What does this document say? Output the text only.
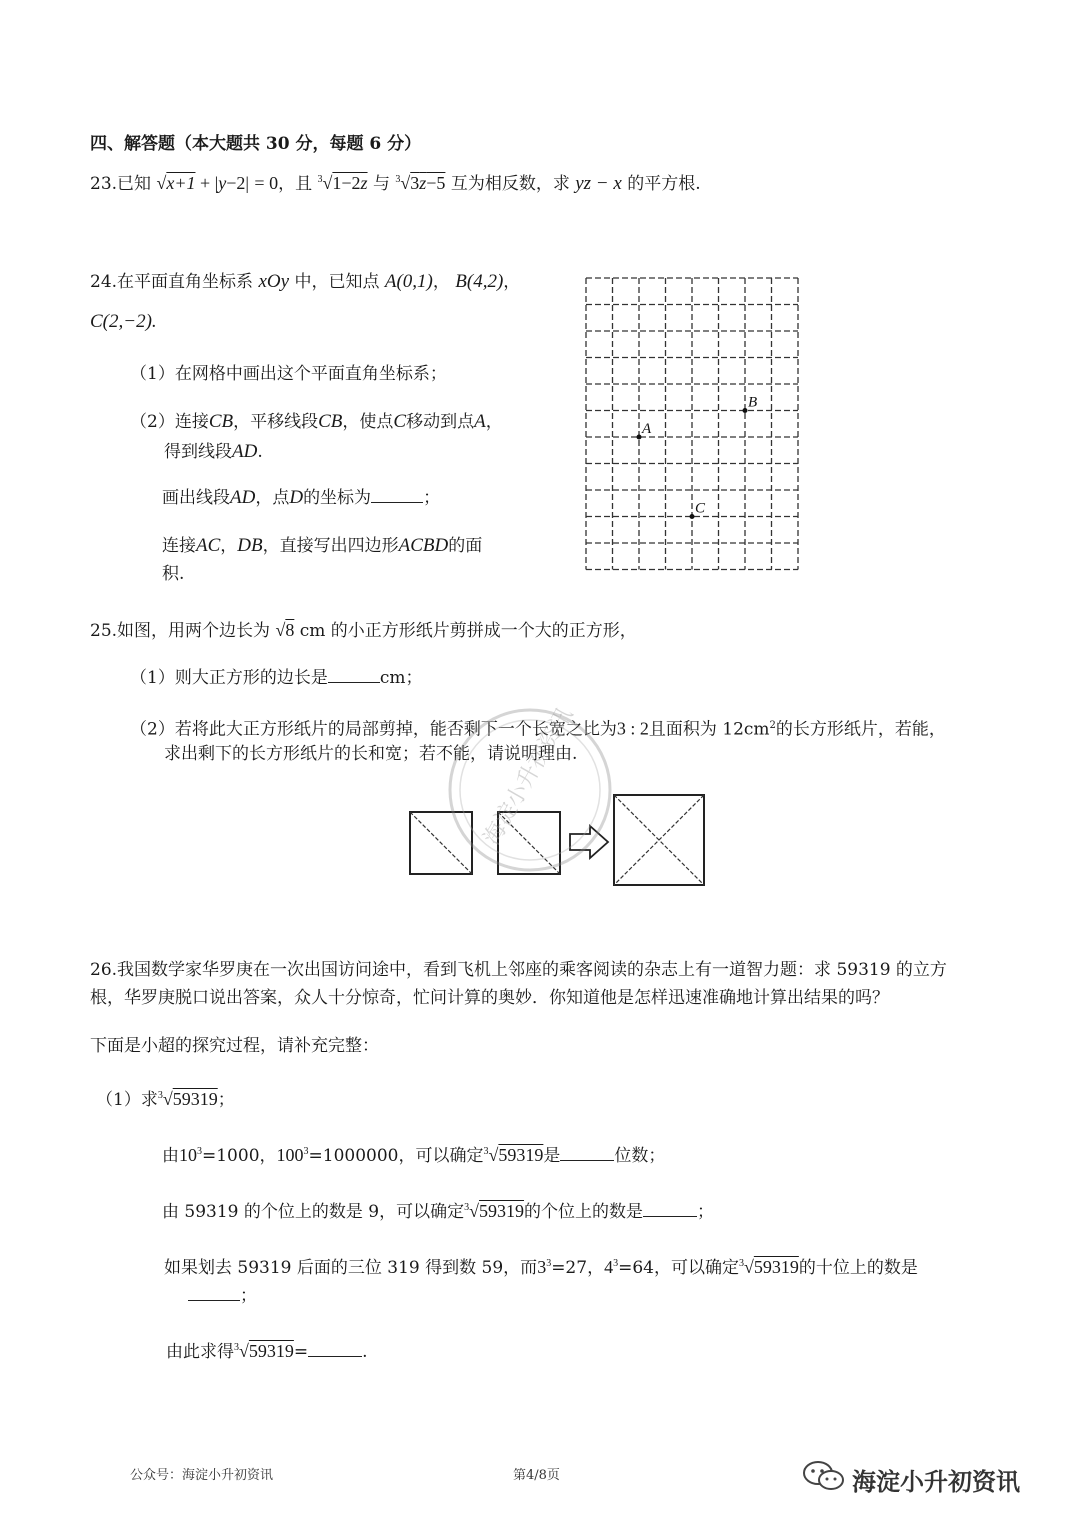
四、解答题（本大题共 30 分，每题 6 分）
23.已知 √x+1 + |y−2| = 0，且 $^3$√1−2z 与 $^3$√3z−5 互为相反数，求 yz − x 的平方根.
24.在平面直角坐标系 xOy 中，已知点 A(0,1)， B(4,2)，
C(2,−2).
（1）在网格中画出这个平面直角坐标系；
（2）连接CB，平移线段CB，使点C移动到点A，
得到线段AD.
画出线段AD，点D的坐标为	；
连接AC，DB，直接写出四边形ACBD的面
积.
A
B
C
25.如图，用两个边长为 √8 cm 的小正方形纸片剪拼成一个大的正方形，
（1）则大正方形的边长是	cm；
（2）若将此大正方形纸片的局部剪掉，能否剩下一个长宽之比为3 : 2且面积为 $12cm^2$的长方形纸片，若能，
求出剩下的长方形纸片的长和宽；若不能，请说明理由.
海淀小升初资讯
26.我国数学家华罗庚在一次出国访问途中，看到飞机上邻座的乘客阅读的杂志上有一道智力题：求 59319 的立方
根，华罗庚脱口说出答案，众人十分惊奇，忙问计算的奥妙．你知道他是怎样迅速准确地计算出结果的吗？
下面是小超的探究过程，请补充完整：
（1）求$^3$√59319；
由$10^3=1000$，$100^3=1000000$，可以确定$^3$√59319是	位数；
由 59319 的个位上的数是 9，可以确定$^3$√59319的个位上的数是	；
如果划去 59319 后面的三位 319 得到数 59，而$3^3=27$，$4^3=64$，可以确定$^3$√59319的十位上的数是
；
由此求得$^3$√59319=	.
公众号：海淀小升初资讯	第4/8页	海淀小升初资讯
